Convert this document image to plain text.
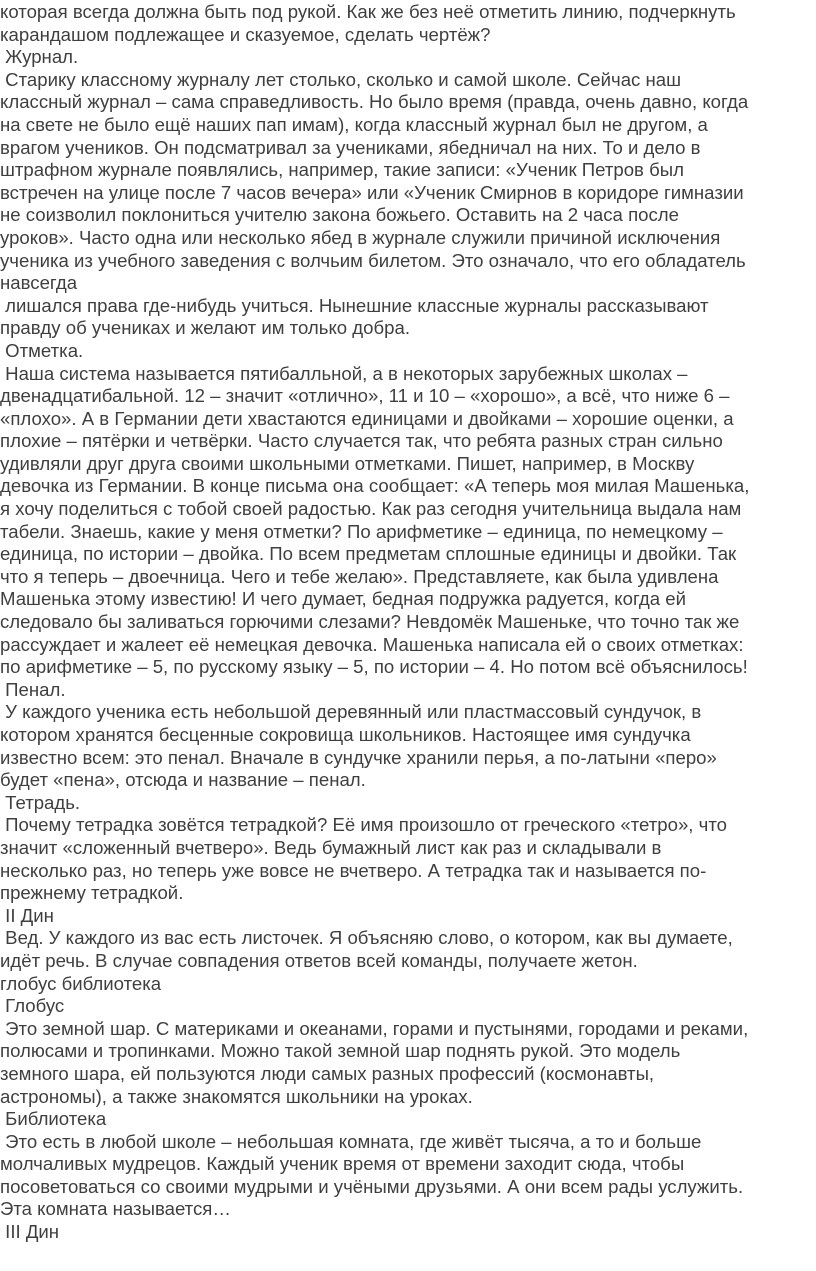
которая всегда должна быть под рукой. Как же без неё отметить линию, подчеркнуть
карандашом подлежащее и сказуемое, сделать чертёж?
Журнал.
Старику классному журналу лет столько, сколько и самой школе. Сейчас наш
классный журнал – сама справедливость. Но было время (правда, очень давно, когда
на свете не было ещё наших пап имам), когда классный журнал был не другом, а
врагом учеников. Он подсматривал за учениками, ябедничал на них. То и дело в
штрафном журнале появлялись, например, такие записи: «Ученик Петров был
встречен на улице после 7 часов вечера» или «Ученик Смирнов в коридоре гимназии
не соизволил поклониться учителю закона божьего. Оставить на 2 часа после
уроков». Часто одна или несколько ябед в журнале служили причиной исключения
ученика из учебного заведения с волчьим билетом. Это означало, что его обладатель
навсегда
лишался права где-нибудь учиться. Нынешние классные журналы рассказывают
правду об учениках и желают им только добра.
Отметка.
Наша система называется пятибалльной, а в некоторых зарубежных школах –
двенадцатибальной. 12 – значит «отлично», 11 и 10 – «хорошо», а всё, что ниже 6 –
«плохо». А в Германии дети хвастаются единицами и двойками – хорошие оценки, а
плохие – пятёрки и четвёрки. Часто случается так, что ребята разных стран сильно
удивляли друг друга своими школьными отметками. Пишет, например, в Москву
девочка из Германии. В конце письма она сообщает: «А теперь моя милая Машенька,
я хочу поделиться с тобой своей радостью. Как раз сегодня учительница выдала нам
табели. Знаешь, какие у меня отметки? По арифметике – единица, по немецкому –
единица, по истории – двойка. По всем предметам сплошные единицы и двойки. Так
что я теперь – двоечница. Чего и тебе желаю». Представляете, как была удивлена
Машенька этому известию! И чего думает, бедная подружка радуется, когда ей
следовало бы заливаться горючими слезами? Невдомёк Машеньке, что точно так же
рассуждает и жалеет её немецкая девочка. Машенька написала ей о своих отметках:
по арифметике – 5, по русскому языку – 5, по истории – 4. Но потом всё объяснилось!
Пенал.
У каждого ученика есть небольшой деревянный или пластмассовый сундучок, в
котором хранятся бесценные сокровища школьников. Настоящее имя сундучка
известно всем: это пенал. Вначале в сундучке хранили перья, а по-латыни «перо»
будет «пена», отсюда и название – пенал.
Тетрадь.
Почему тетрадка зовётся тетрадкой? Её имя произошло от греческого «тетро», что
значит «сложенный вчетверо». Ведь бумажный лист как раз и складывали в
несколько раз, но теперь уже вовсе не вчетверо. А тетрадка так и называется по-
прежнему тетрадкой.
II Дин
Вед. У каждого из вас есть листочек. Я объясняю слово, о котором, как вы думаете,
идёт речь. В случае совпадения ответов всей команды, получаете жетон.
глобус библиотека
Глобус
Это земной шар. С материками и океанами, горами и пустынями, городами и реками,
полюсами и тропинками. Можно такой земной шар поднять рукой. Это модель
земного шара, ей пользуются люди самых разных профессий (космонавты,
астрономы), а также знакомятся школьники на уроках.
Библиотека
Это есть в любой школе – небольшая комната, где живёт тысяча, а то и больше
молчаливых мудрецов. Каждый ученик время от времени заходит сюда, чтобы
посоветоваться со своими мудрыми и учёными друзьями. А они всем рады услужить.
Эта комната называется…
III Дин
